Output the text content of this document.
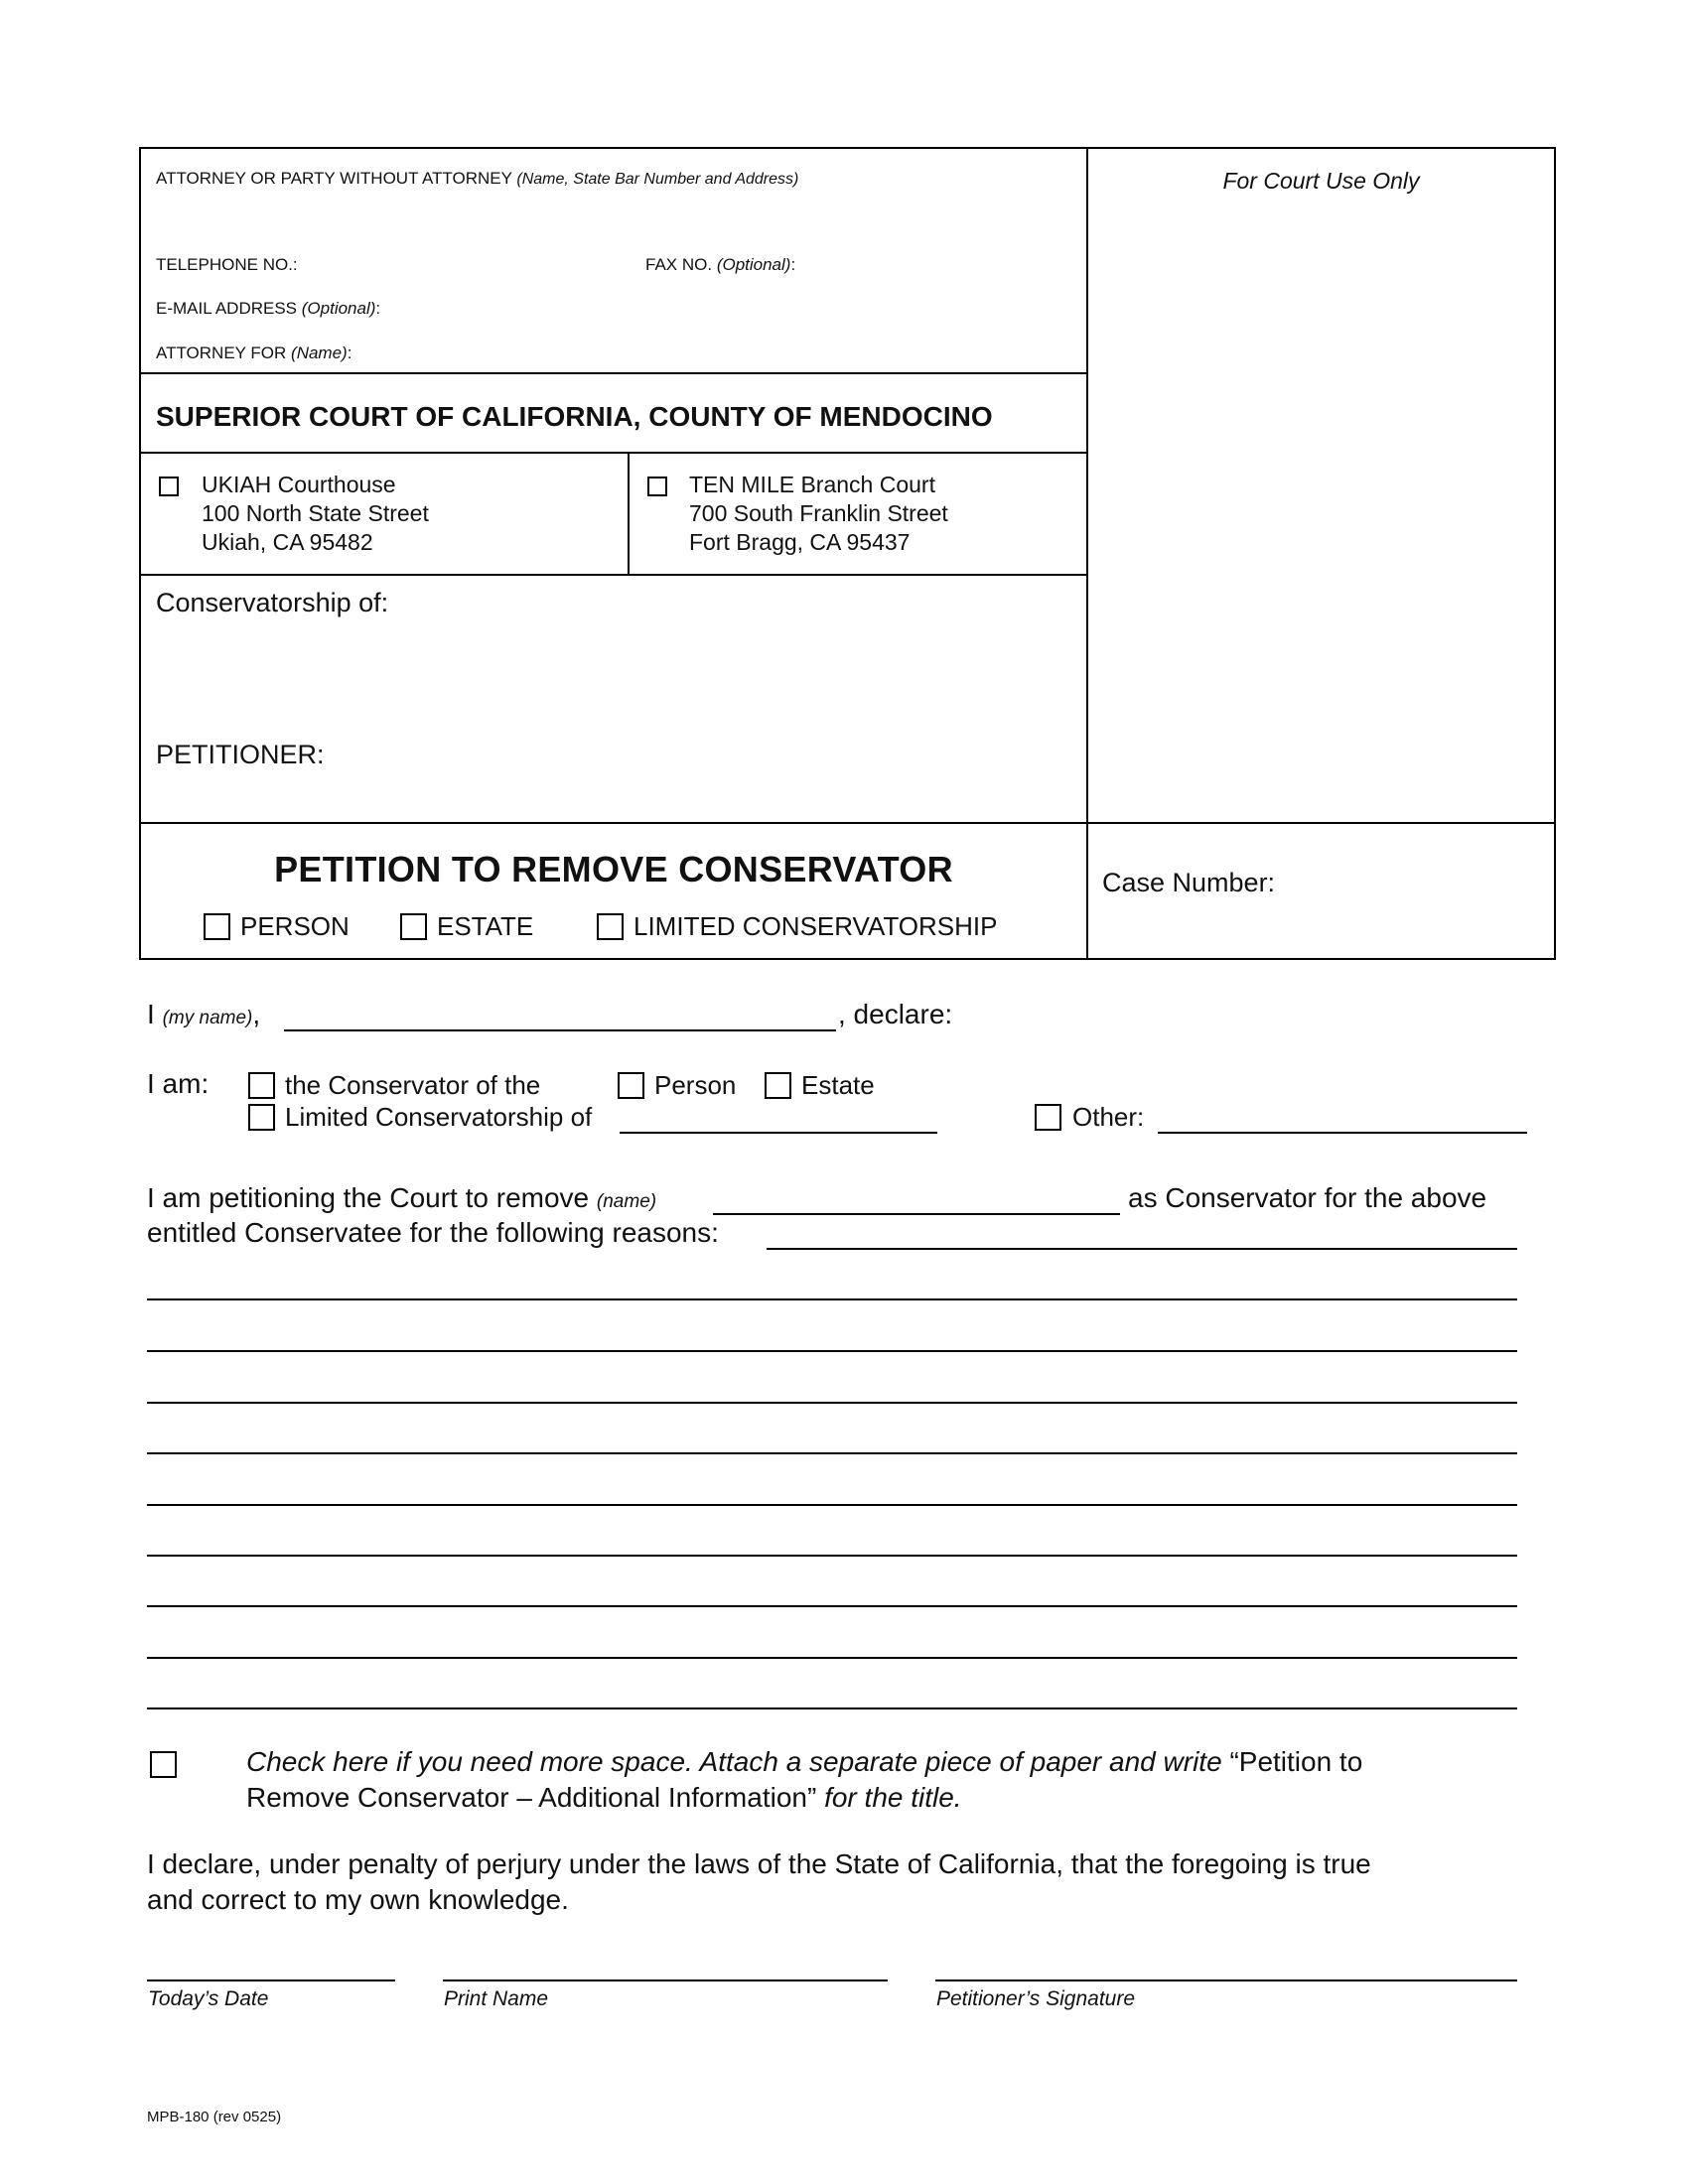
ATTORNEY OR PARTY WITHOUT ATTORNEY (Name, State Bar Number and Address)
TELEPHONE NO.:	FAX NO. (Optional):
E-MAIL ADDRESS (Optional):
ATTORNEY FOR (Name):
For Court Use Only
SUPERIOR COURT OF CALIFORNIA, COUNTY OF MENDOCINO
UKIAH Courthouse
100 North State Street
Ukiah, CA 95482
TEN MILE Branch Court
700 South Franklin Street
Fort Bragg, CA 95437
Conservatorship of:
PETITIONER:
PETITION TO REMOVE CONSERVATOR
PERSON	ESTATE	LIMITED CONSERVATORSHIP
Case Number:
I (my name),	, declare:
I am:	the Conservator of the	Person	Estate
Limited Conservatorship of	Other:
I am petitioning the Court to remove (name)	as Conservator for the above
entitled Conservatee for the following reasons:
Check here if you need more space. Attach a separate piece of paper and write “Petition to
Remove Conservator – Additional Information” for the title.
I declare, under penalty of perjury under the laws of the State of California, that the foregoing is true
and correct to my own knowledge.
Today’s Date	Print Name	Petitioner’s Signature
MPB-180 (rev 0525)
